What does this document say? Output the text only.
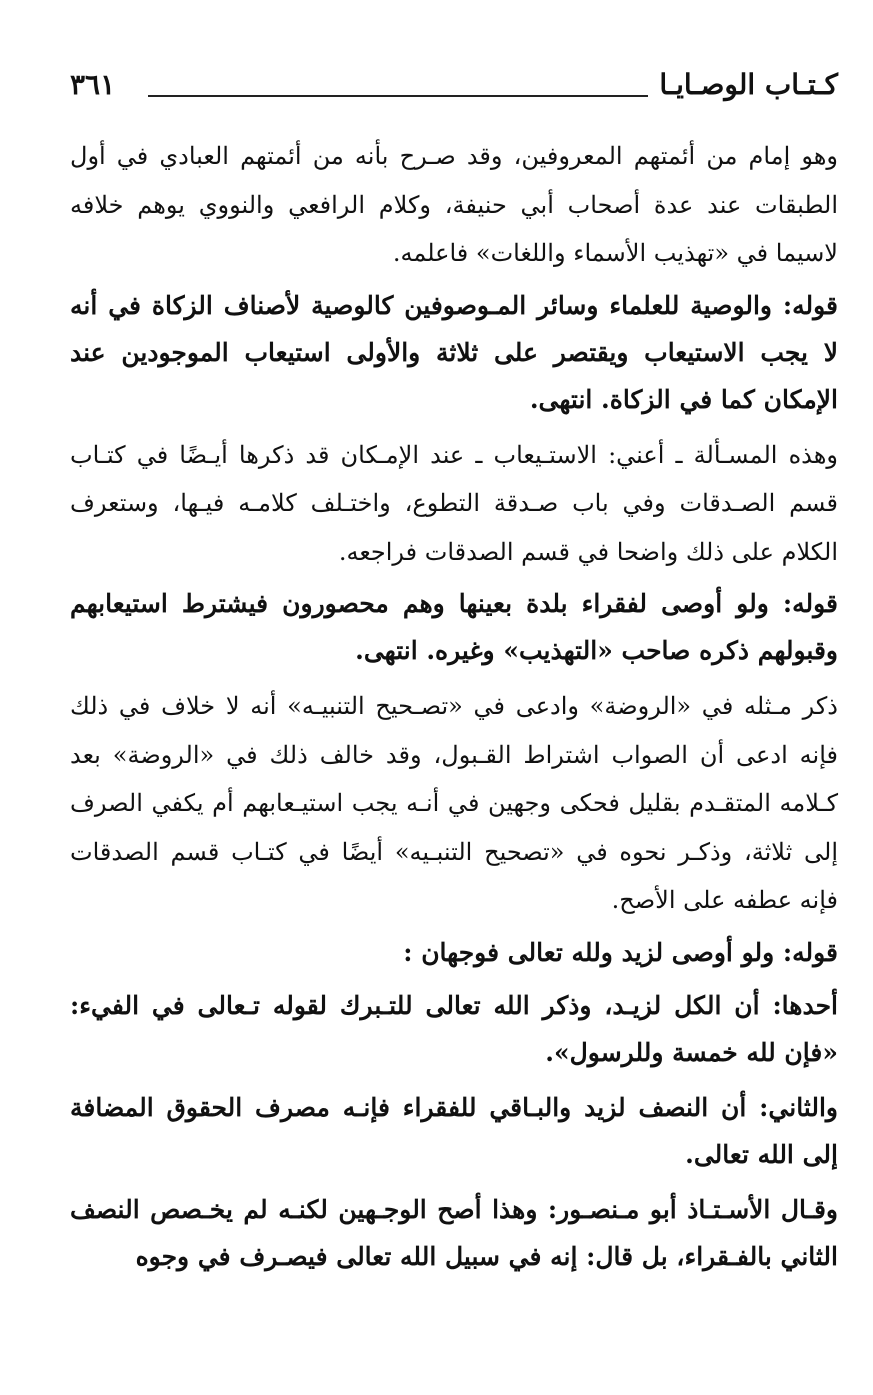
كـتـاب الوصـايـا
٣٦١

وهو إمام من أئمتهم المعروفين، وقد صـرح بأنه من أئمتهم العبادي في أول الطبقات عند عدة أصحاب أبي حنيفة، وكلام الرافعي والنووي يوهم خلافه لاسيما في «تهذيب الأسماء واللغات» فاعلمه.

قوله: والوصية للعلماء وسائر المـوصوفين كالوصية لأصناف الزكاة في أنه لا يجب الاستيعاب ويقتصر على ثلاثة والأولى استيعاب الموجودين عند الإمكان كما في الزكاة. انتهى.

وهذه المسـألة ـ أعني: الاستـيعاب ـ عند الإمـكان قد ذكرها أيـضًا في كتـاب قسم الصـدقات وفي باب صـدقة التطوع، واختـلف كلامـه فيـها، وستعرف الكلام على ذلك واضحا في قسم الصدقات فراجعه.

قوله: ولو أوصى لفقراء بلدة بعينها وهم محصورون فيشترط استيعابهم وقبولهم ذكره صاحب «التهذيب» وغيره. انتهى.

ذكر مـثله في «الروضة» وادعى في «تصـحيح التنبيـه» أنه لا خلاف في ذلك فإنه ادعى أن الصواب اشتراط القـبول، وقد خالف ذلك في «الروضة» بعد كـلامه المتقـدم بقليل فحكى وجهين في أنـه يجب استيـعابهم أم يكفي الصرف إلى ثلاثة، وذكـر نحوه في «تصحيح التنبـيه» أيضًا في كتـاب قسم الصدقات فإنه عطفه على الأصح.

قوله: ولو أوصى لزيد ولله تعالى فوجهان :

أحدها: أن الكل لزيـد، وذكر الله تعالى للتـبرك لقوله تـعالى في الفيء: «فإن لله خمسة وللرسول».

والثاني: أن النصف لزيد والبـاقي للفقراء فإنـه مصرف الحقوق المضافة إلى الله تعالى.

وقـال الأسـتـاذ أبو مـنصـور: وهذا أصح الوجـهين لكنـه لم يخـصص النصف الثاني بالفـقراء، بل قال: إنه في سبيل الله تعالى فيصـرف في وجوه
